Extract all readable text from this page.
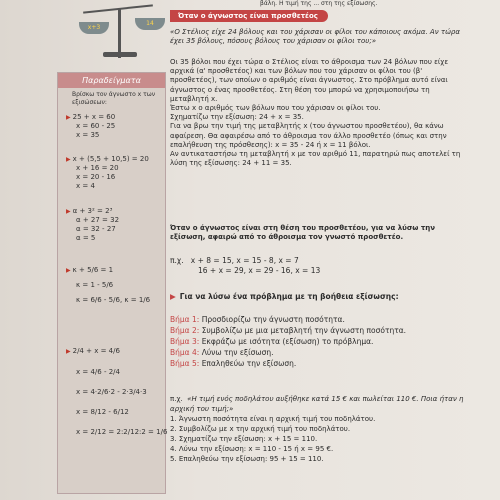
x+3
14
Παραδείγματα
Βρίσκω τον άγνωστο x των εξισώσεων:
▶ 25 + x = 60
x = 60 - 25
x = 35
▶ x + (5,5 + 10,5) = 20
x + 16 = 20
x = 20 - 16
x = 4
▶ α + 3² = 2³
α + 27 = 32
α = 32 - 27
α = 5
▶ κ + 5/6 = 1
κ = 1 - 5/6
κ = 6/6 - 5/6, κ = 1/6
▶ 2/4 + x = 4/6
x = 4/6 - 2/4
x = 4·2/6·2 - 2·3/4·3
x = 8/12 - 6/12
x = 2/12 = 2:2/12:2 = 1/6
βάλη. Η τιμή της ... στη της εξίσωσης.
Όταν ο άγνωστος είναι προσθετέος

«Ο Στέλιος είχε 24 βόλους και του χάρισαν οι φίλοι του κάποιους ακόμα. Αν τώρα έχει 35 βόλους, πόσους βόλους του χάρισαν οι φίλοι του;»

Οι 35 βόλοι που έχει τώρα ο Στέλιος είναι το άθροισμα των 24 βόλων που είχε αρχικά (α' προσθετέος) και των βόλων που του χάρισαν οι φίλοι του (β' προσθετέος), των οποίων ο αριθμός είναι άγνωστος. Στο πρόβλημα αυτό είναι άγνωστος ο ένας προσθετέος. Στη θέση του μπορώ να χρησιμοποιήσω τη μεταβλητή x.

Έστω x ο αριθμός των βόλων που του χάρισαν οι φίλοι του.

Σχηματίζω την εξίσωση: 24 + x = 35.

Για να βρω την τιμή της μεταβλητής x (του άγνωστου προσθετέου), θα κάνω αφαίρεση. Θα αφαιρέσω από το άθροισμα τον άλλο προσθετέο (όπως και στην επαλήθευση της πρόσθεσης): x = 35 - 24 ή x = 11 βόλοι.

Αν αντικαταστήσω τη μεταβλητή x με τον αριθμό 11, παρατηρώ πως αποτελεί τη λύση της εξίσωσης: 24 + 11 = 35.

Όταν ο άγνωστος είναι στη θέση του προσθετέου, για να λύσω την εξίσωση, αφαιρώ από το άθροισμα τον γνωστό προσθετέο.

π.χ. x + 8 = 15, x = 15 - 8, x = 7
16 + x = 29, x = 29 - 16, x = 13
▶ Για να λύσω ένα πρόβλημα με τη βοήθεια εξίσωσης:
Βήμα 1: Προσδιορίζω την άγνωστη ποσότητα.
Βήμα 2: Συμβολίζω με μια μεταβλητή την άγνωστη ποσότητα.
Βήμα 3: Εκφράζω με ισότητα (εξίσωση) το πρόβλημα.
Βήμα 4: Λύνω την εξίσωση.
Βήμα 5: Επαληθεύω την εξίσωση.
π.χ. «Η τιμή ενός ποδηλάτου αυξήθηκε κατά 15 € και πωλείται 110 €. Ποια ήταν η αρχική του τιμή;»
1. Άγνωστη ποσότητα είναι η αρχική τιμή του ποδηλάτου.
2. Συμβολίζω με x την αρχική τιμή του ποδηλάτου.
3. Σχηματίζω την εξίσωση: x + 15 = 110.
4. Λύνω την εξίσωση: x = 110 - 15 ή x = 95 €.
5. Επαληθεύω την εξίσωση: 95 + 15 = 110.
